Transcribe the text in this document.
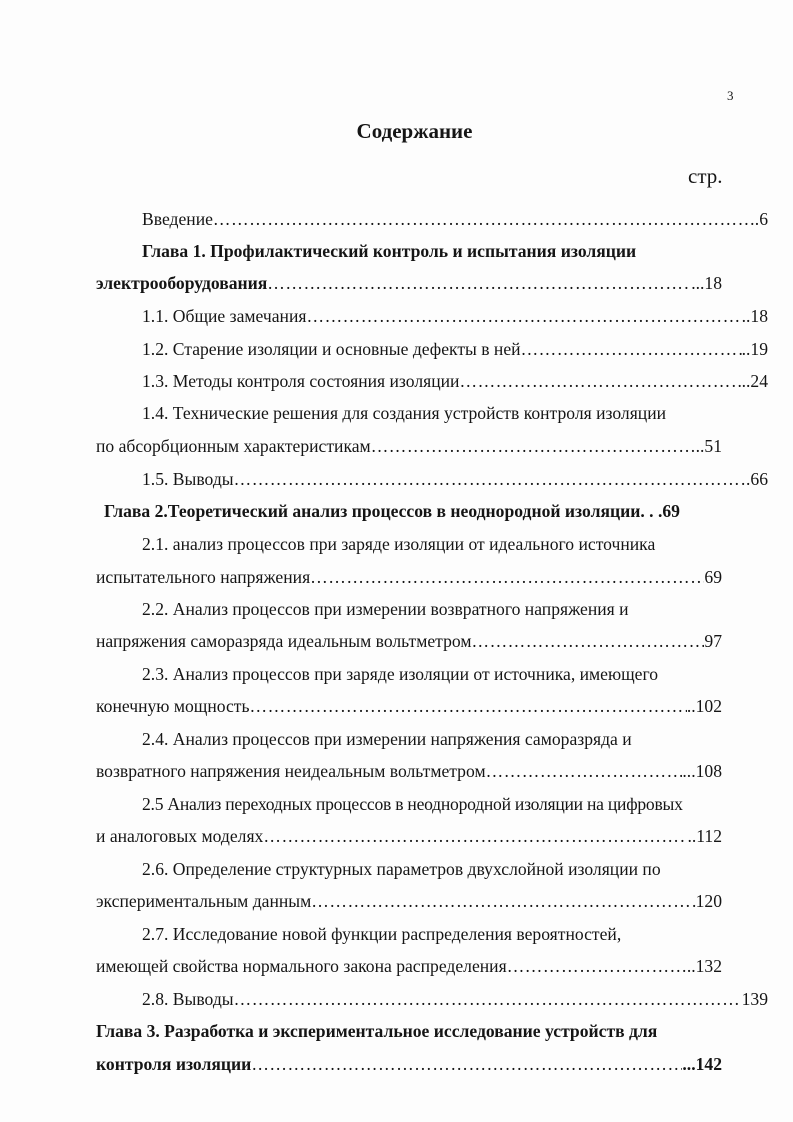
3
Содержание
стр.
Введение ……………………………………………………………………………………………………………………………………………………………………	.6
Глава 1. Профилактический контроль и испытания изоляции
электрооборудования ……………………………………………………………………………………………………………………………………………………………………	...18
1.1. Общие замечания ……………………………………………………………………………………………………………………………………………………………………	..18
1.2. Старение изоляции и основные дефекты в ней ……………………………………………………………………………………………………………………………………………………………………	..19
1.3. Методы контроля состояния изоляции ……………………………………………………………………………………………………………………………………………………………………	..24
1.4. Технические решения для создания устройств контроля изоляции
по абсорбционным характеристикам ……………………………………………………………………………………………………………………………………………………………………	..51
1.5. Выводы ……………………………………………………………………………………………………………………………………………………………………	.66
Глава 2.Теоретический анализ процессов в неоднородной изоляции. . .69
2.1. анализ процессов при заряде изоляции от идеального источника
испытательного напряжения ……………………………………………………………………………………………………………………………………………………………………	69
2.2. Анализ процессов при измерении возвратного напряжения и
напряжения саморазряда идеальным вольтметром ……………………………………………………………………………………………………………………………………………………………………	97
2.3. Анализ процессов при заряде изоляции от источника, имеющего
конечную мощность ……………………………………………………………………………………………………………………………………………………………………	..102
2.4. Анализ процессов при измерении напряжения саморазряда и
возвратного напряжения неидеальным вольтметром ……………………………………………………………………………………………………………………………………………………………………	...108
2.5 Анализ переходных процессов в неоднородной изоляции на цифровых
и аналоговых моделях ……………………………………………………………………………………………………………………………………………………………………	..112
2.6. Определение структурных параметров двухслойной изоляции по
экспериментальным данным ……………………………………………………………………………………………………………………………………………………………………	120
2.7. Исследование новой функции распределения вероятностей,
имеющей свойства нормального закона распределения ……………………………………………………………………………………………………………………………………………………………………	..132
2.8. Выводы ……………………………………………………………………………………………………………………………………………………………………	139
Глава 3. Разработка и экспериментальное исследование устройств для
контроля изоляции ……………………………………………………………………………………………………………………………………………………………………	...142
